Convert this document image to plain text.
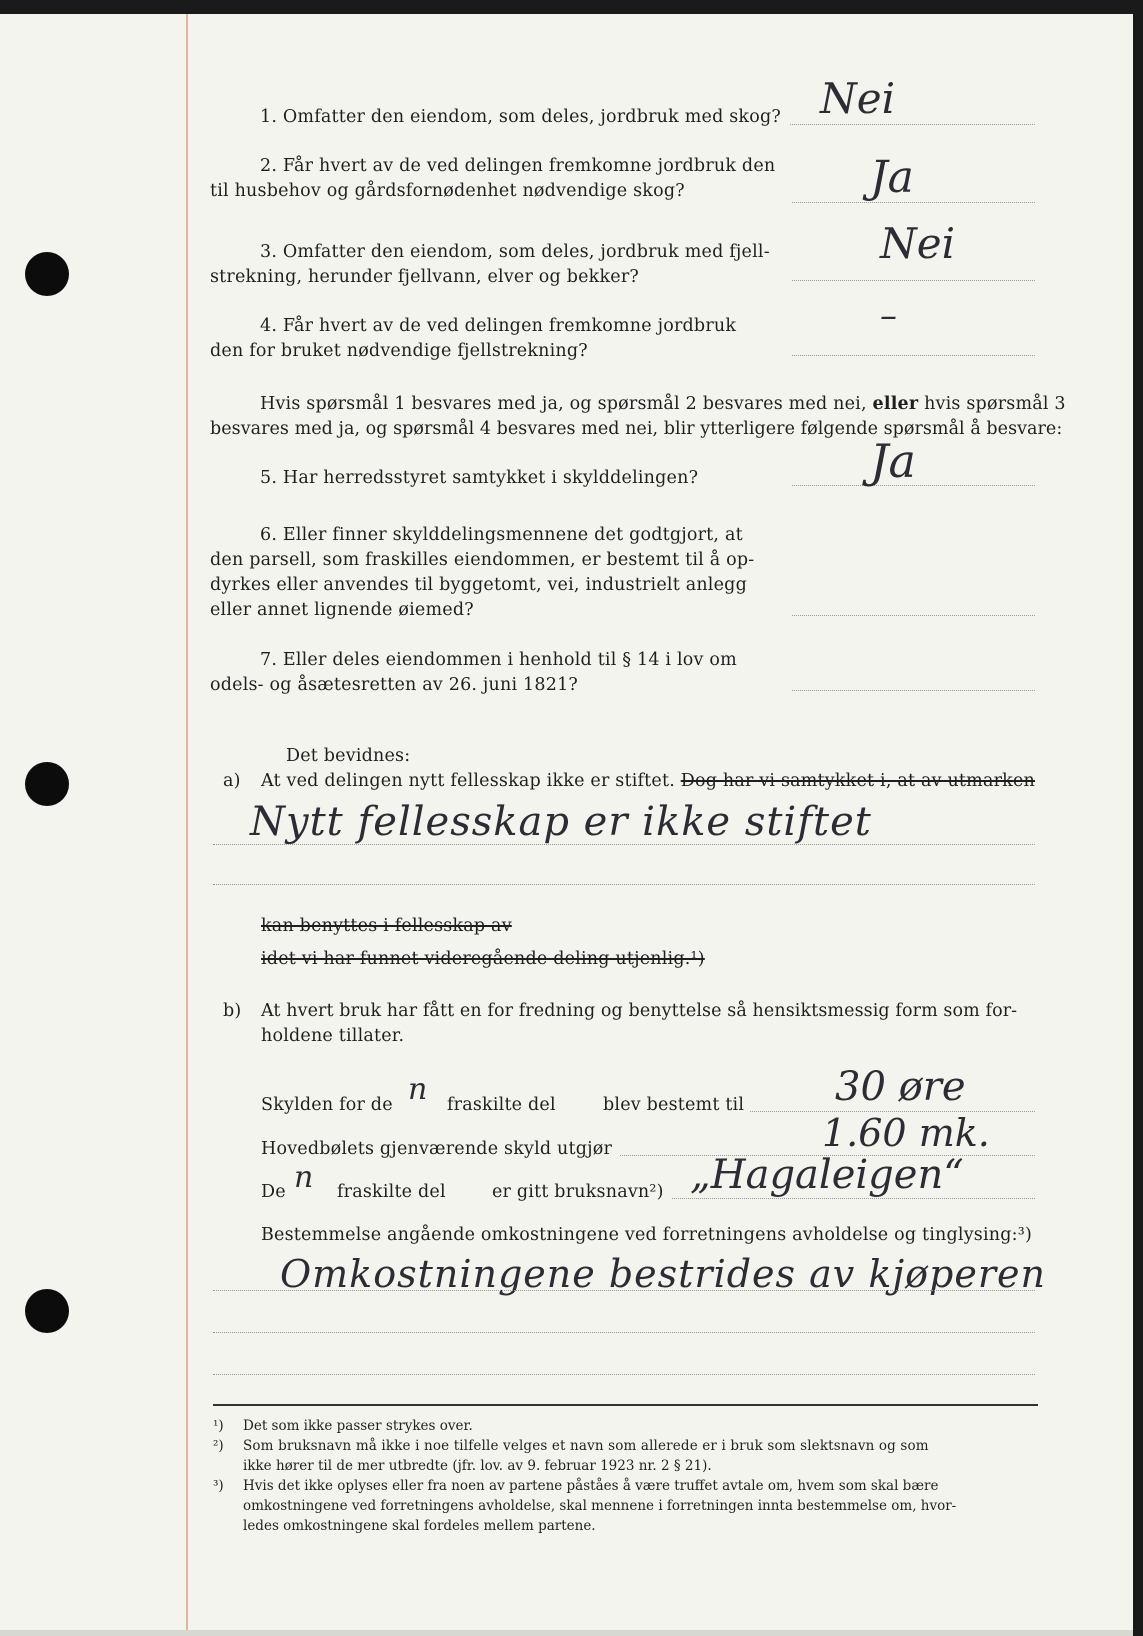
1. Omfatter den eiendom, som deles, jordbruk med skog? Nei
2. Får hvert av de ved delingen fremkomne jordbruk den
til husbehov og gårdsfornødenhet nødvendige skog?	Ja
3. Omfatter den eiendom, som deles, jordbruk med fjell-
strekning, herunder fjellvann, elver og bekker?
Nei
4. Får hvert av de ved delingen fremkomne jordbruk
den for bruket nødvendige fjellstrekning?
–
Hvis spørsmål 1 besvares med ja, og spørsmål 2 besvares med nei, eller hvis spørsmål 3
besvares med ja, og spørsmål 4 besvares med nei, blir ytterligere følgende spørsmål å besvare:
5. Har herredsstyret samtykket i skylddelingen?	Ja
6. Eller finner skylddelingsmennene det godtgjort, at
den parsell, som fraskilles eiendommen, er bestemt til å op-
dyrkes eller anvendes til byggetomt, vei, industrielt anlegg
eller annet lignende øiemed?
7. Eller deles eiendommen i henhold til § 14 i lov om
odels- og åsætesretten av 26. juni 1821?
Det bevidnes:
a) At ved delingen nytt fellesskap ikke er stiftet. Dog har vi samtykket i, at av utmarken
Nytt fellesskap er ikke stiftet
kan benyttes i fellesskap av
idet vi har funnet videregående deling utjenlig.¹)
b) At hvert bruk har fått en for fredning og benyttelse så hensiktsmessig form som for-
holdene tillater.
Skylden for de n fraskilte del	blev bestemt til 30 øre
Hovedbølets gjenværende skyld utgjør	1.60 mk.
De n fraskilte del	er gitt bruksnavn²) „Hagaleigen“
Bestemmelse angående omkostningene ved forretningens avholdelse og tinglysing:³)
Omkostningene bestrides av kjøperen
¹) Det som ikke passer strykes over.
²) Som bruksnavn må ikke i noe tilfelle velges et navn som allerede er i bruk som slektsnavn og som
ikke hører til de mer utbredte (jfr. lov. av 9. februar 1923 nr. 2 § 21).
³) Hvis det ikke oplyses eller fra noen av partene påståes å være truffet avtale om, hvem som skal bære
omkostningene ved forretningens avholdelse, skal mennene i forretningen innta bestemmelse om, hvor-
ledes omkostningene skal fordeles mellem partene.
